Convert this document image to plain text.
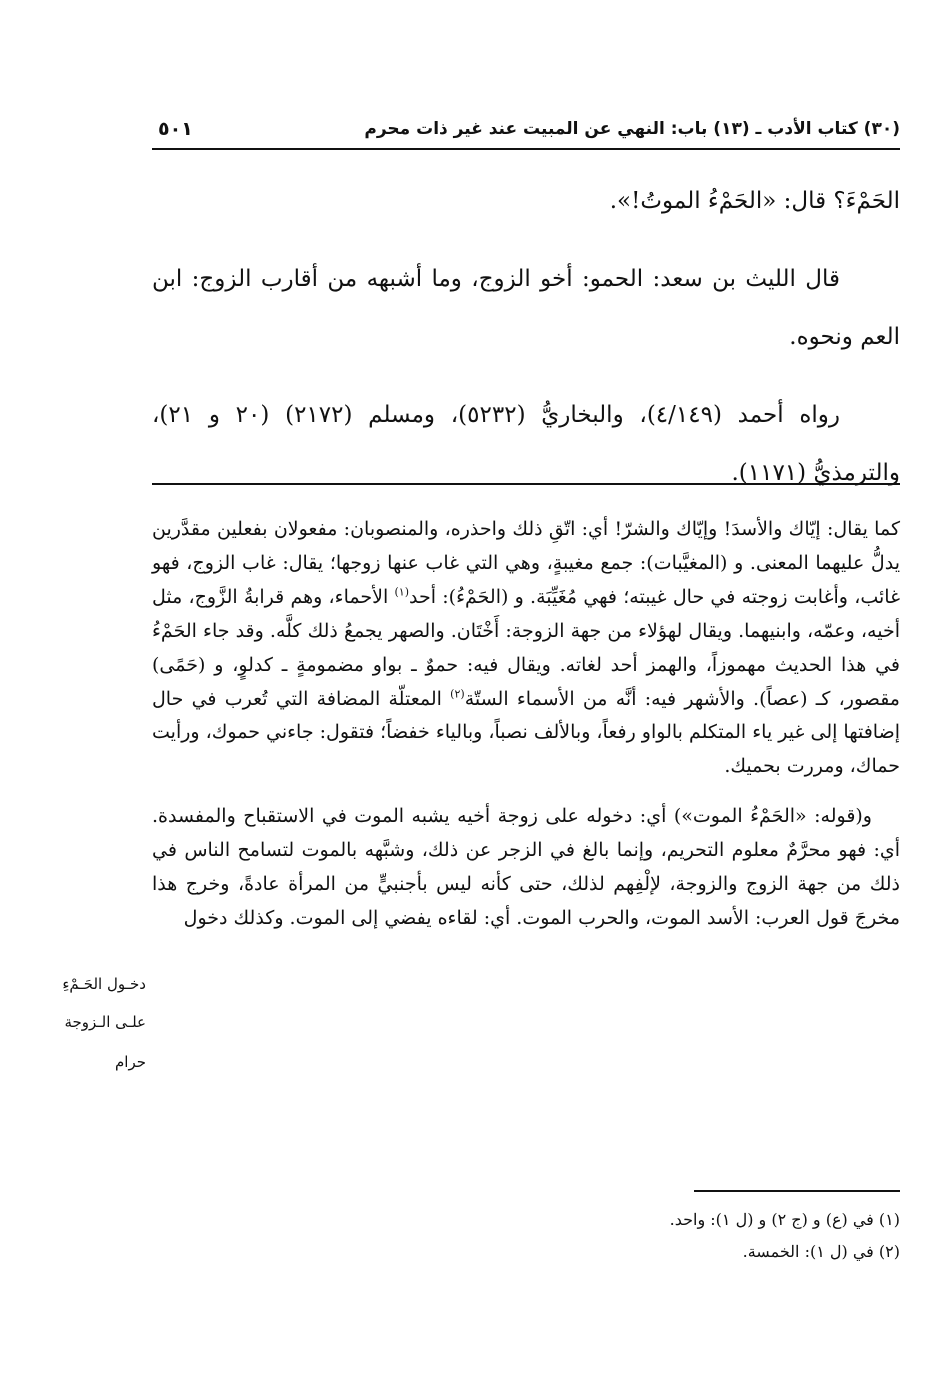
(٣٠) كتاب الأدب ـ (١٣) باب: النهي عن المبيت عند غير ذات محرم
٥٠١

الحَمْءَ؟ قال: «الحَمْءُ الموتُ!».

قال الليث بن سعد: الحمو: أخو الزوج، وما أشبهه من أقارب الزوج: ابن العم ونحوه.

رواه أحمد (٤/١٤٩)، والبخاريُّ (٥٢٣٢)، ومسلم (٢١٧٢) (٢٠ و ٢١)، والترمذيُّ (١١٧١).

كما يقال: إيّاك والأسدَ! وإيّاك والشرّ! أي: اتّقِ ذلك واحذره، والمنصوبان: مفعولان بفعلين مقدَّرين يدلُّ عليهما المعنى. و (المغيَّبات): جمع مغيبةٍ، وهي التي غاب عنها زوجها؛ يقال: غاب الزوج، فهو غائب، وأغابت زوجته في حال غيبته؛ فهي مُغَيِّبَة. و (الحَمْءُ): أحد$^{(١)}$ الأحماء، وهم قرابةُ الزَّوج، مثل أخيه، وعمّه، وابنيهما. ويقال لهؤلاء من جهة الزوجة: أَخْتَان. والصهر يجمعُ ذلك كلَّه. وقد جاء الحَمْءُ في هذا الحديث مهموزاً، والهمز أحد لغاته. ويقال فيه: حموٌ ـ بواو مضمومةٍ ـ كدلوٍ، و (حَمًى) مقصور، كـ (عصاً). والأشهر فيه: أنَّه من الأسماء الستّة$^{(٢)}$ المعتلّة المضافة التي تُعرب في حال إضافتها إلى غير ياء المتكلم بالواو رفعاً، وبالألف نصباً، وبالياء خفضاً؛ فتقول: جاءني حموك، ورأيت حماك، ومررت بحميك.

و(قوله: «الحَمْءُ الموت») أي: دخوله على زوجة أخيه يشبه الموت في الاستقباح والمفسدة. أي: فهو محرَّمٌ معلوم التحريم، وإنما بالغ في الزجر عن ذلك، وشبَّهه بالموت لتسامح الناس في ذلك من جهة الزوج والزوجة، لإلْفِهم لذلك، حتى كأنه ليس بأجنبيٍّ من المرأة عادةً، وخرج هذا مخرجَ قول العرب: الأسد الموت، والحرب الموت. أي: لقاءه يفضي إلى الموت. وكذلك دخول

دخـول الحَـمْءِ
علـى الـزوجة
حرام

(١) في (ع) و (ج ٢) و (ل ١): واحد.

(٢) في (ل ١): الخمسة.
